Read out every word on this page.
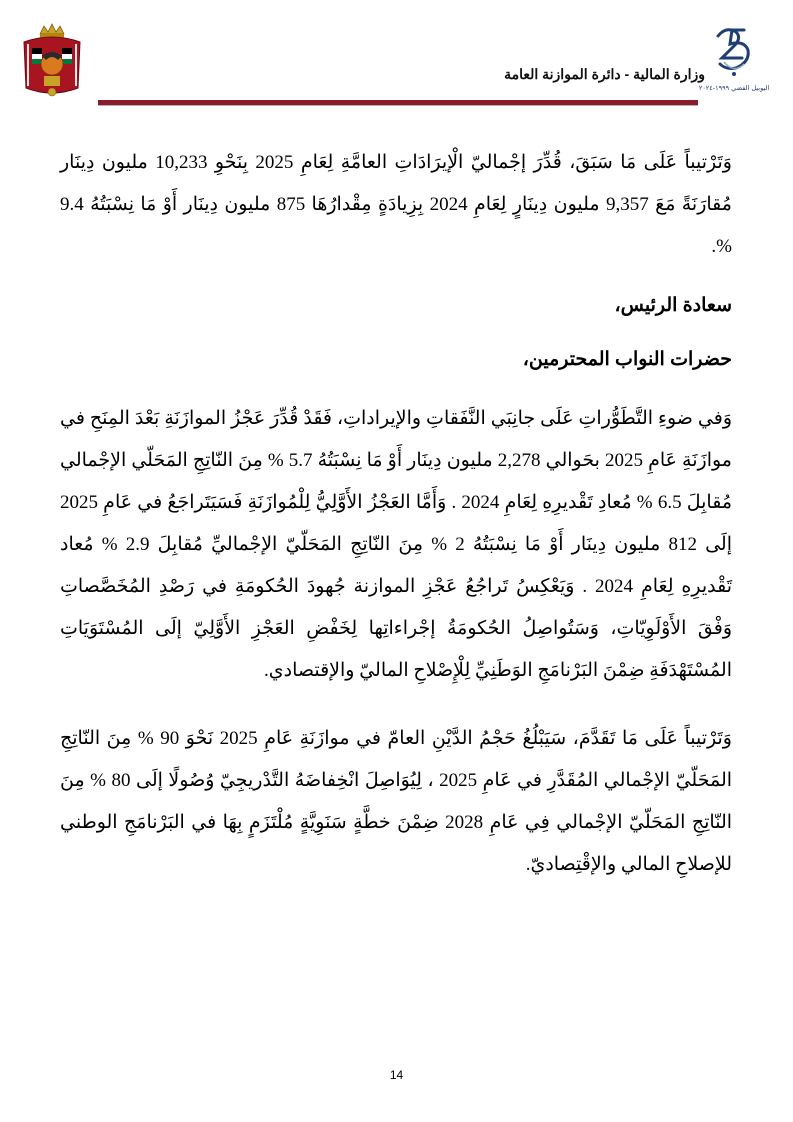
وزارة المالية - دائرة الموازنة العامة
اليوبيل الفضي ١٩٩٩-٢٠٢٤

وَتَرْتيباً عَلَى مَا سَبَقَ، قُدِّرَ إجْماليّ الْإيرَادَاتِ العامَّةِ لِعَامِ 2025 بِنَحْوِ 10,233 مليون دِينَار مُقارَنَةً مَعَ 9,357 مليون دِينَارٍ لِعَامِ 2024 بِزِيادَةٍ مِقْدارُهَا 875 مليون دِينَار أَوْ مَا نِسْبَتُهُ 9.4 %.

سعادة الرئيس،

حضرات النواب المحترمين،

وَفي ضوءِ التَّطَوُّراتِ عَلَى جانِبَي النَّفَقاتِ والإيراداتِ، فَقَدْ قُدِّرَ عَجْزُ الموازَنَةِ بَعْدَ المِنَحِ في موازَنَةِ عَامِ 2025 بحَوالي 2,278 مليون دِينَار أَوْ مَا نِسْبَتُهُ 5.7 % مِنَ النّاتِجِ المَحَلّي الإجْمالي مُقابِلَ 6.5 % مُعادِ تَقْديرِهِ لِعَامِ 2024 . وَأَمَّا العَجْزُ الأَوَّلِيُّ لِلْمُوازَنَةِ فَسَيَتَراجَعُ في عَامِ 2025 إلَى 812 مليون دِينَار أَوْ مَا نِسْبَتُهُ 2 % مِنَ النّاتِجِ المَحَلّيّ الإجْماليِّ مُقابِلَ 2.9 % مُعاد تَقْديرِهِ لِعَامِ 2024 . وَيَعْكِسُ تَراجُعُ عَجْزِ الموازنة جُهودَ الحُكومَةِ في رَصْدِ المُخَصَّصاتِ وَفْقَ الأَوْلَوِيّاتِ، وَسَتُواصِلُ الحُكومَةُ إجْراءاتِها لِخَفْضِ العَجْزِ الأَوَّلِيّ إلَى المُسْتَوَيَاتِ المُسْتَهْدَفَةِ ضِمْنَ البَرْنامَجِ الوَطَنِيِّ لِلْإِصْلاحِ الماليّ والإقتصادي.

وَتَرْتيباً عَلَى مَا تَقَدَّمَ، سَيَبْلُغُ حَجْمُ الدَّيْنِ العامّ في موازَنَةِ عَامِ 2025 نَحْوَ 90 % مِنَ النّاتِجِ المَحَلّيّ الإجْمالي المُقَدَّرِ في عَامِ 2025 ، لِيُوَاصِلَ انْخِفاضَهُ التَّدْريجِيّ وُصُولًا إلَى 80 % مِنَ النّاتِجِ المَحَلّيّ الإجْمالي فِي عَامِ 2028 ضِمْنَ خطَّةٍ سَنَوِيَّةٍ مُلْتَزَمٍ بِهَا في البَرْنامَجِ الوطني للإصلاحِ المالي والإقْتِصاديّ.

14
